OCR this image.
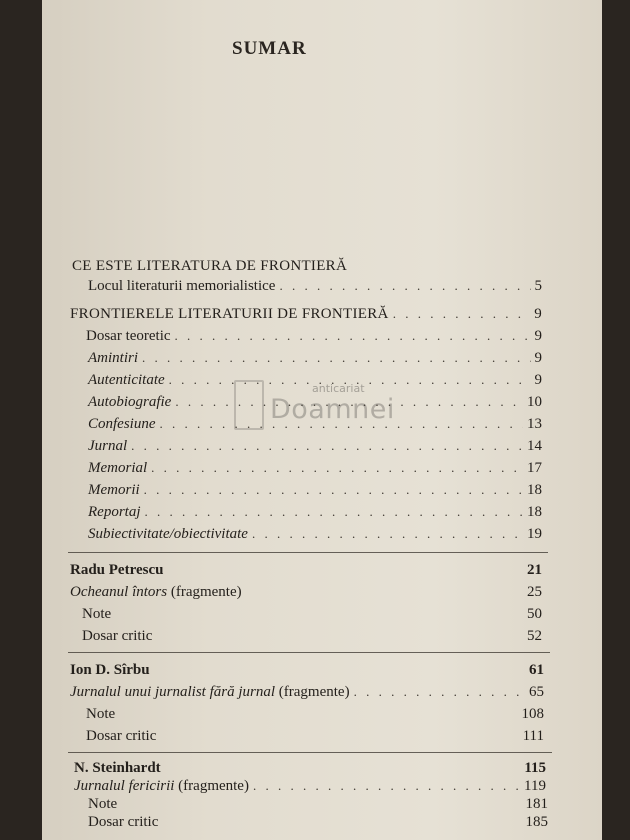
SUMAR
anticariat
Doamnei
CE ESTE LITERATURA DE FRONTIERĂ
Locul literaturii memorialistice . . .	5
FRONTIERELE LITERATURII DE FRONTIERĂ . . .	9
Dosar teoretic . . .	9
Amintiri . . .	9
Autenticitate . . .	9
Autobiografie . . .	10
Confesiune . . .	13
Jurnal . . .	14
Memorial . . .	17
Memorii . . .	18
Reportaj . . .	18
Subiectivitate/obiectivitate . . .	19
Radu Petrescu	21
Ocheanul întors (fragmente)	25
Note	50
Dosar critic	52
Ion D. Sîrbu	61
Jurnalul unui jurnalist fără jurnal (fragmente) . . .	65
Note	108
Dosar critic	111
N. Steinhardt	115
Jurnalul fericirii (fragmente) . . .	119
Note	181
Dosar critic	185
